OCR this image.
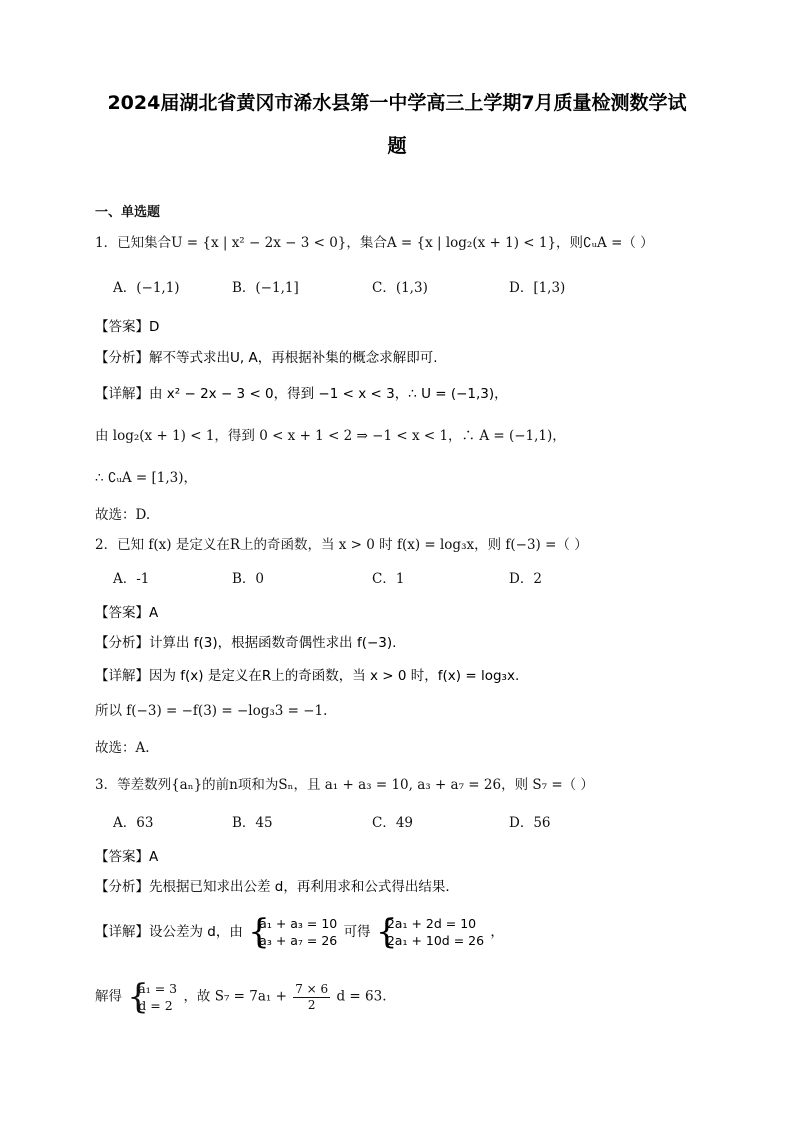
2024届湖北省黄冈市浠水县第一中学高三上学期7月质量检测数学试
题
一、单选题
1．已知集合U = {x | x² − 2x − 3 < 0}，集合A = {x | log₂(x + 1) < 1}，则∁ᵤA =（ ）
A．(−1,1)	B．(−1,1]	C．(1,3)	D．[1,3)
【答案】D
【分析】解不等式求出U, A，再根据补集的概念求解即可.
【详解】由 x² − 2x − 3 < 0，得到 −1 < x < 3，∴ U = (−1,3)，
由 log₂(x + 1) < 1，得到 0 < x + 1 < 2 ⇒ −1 < x < 1，∴ A = (−1,1)，
∴ ∁ᵤA = [1,3)，
故选：D.
2．已知 f(x) 是定义在R上的奇函数，当 x > 0 时 f(x) = log₃x，则 f(−3) =（ ）
A．-1	B．0	C．1	D．2
【答案】A
【分析】计算出 f(3)，根据函数奇偶性求出 f(−3).
【详解】因为 f(x) 是定义在R上的奇函数，当 x > 0 时，f(x) = log₃x.
所以 f(−3) = −f(3) = −log₃3 = −1.
故选：A.
3．等差数列{aₙ}的前n项和为Sₙ，且 a₁ + a₃ = 10, a₃ + a₇ = 26，则 S₇ =（ ）
A．63	B．45	C．49	D．56
【答案】A
【分析】先根据已知求出公差 d，再利用求和公式得出结果.
【详解】设公差为 d，由
{ a₁ + a₃ = 10
a₃ + a₇ = 26
可得
{ 2a₁ + 2d = 10
2a₁ + 10d = 26
，
解得
{ a₁ = 3
d = 2
，故 $S_7 = 7a_1 + \frac{7 \times 6}{2}$ d = 63.
